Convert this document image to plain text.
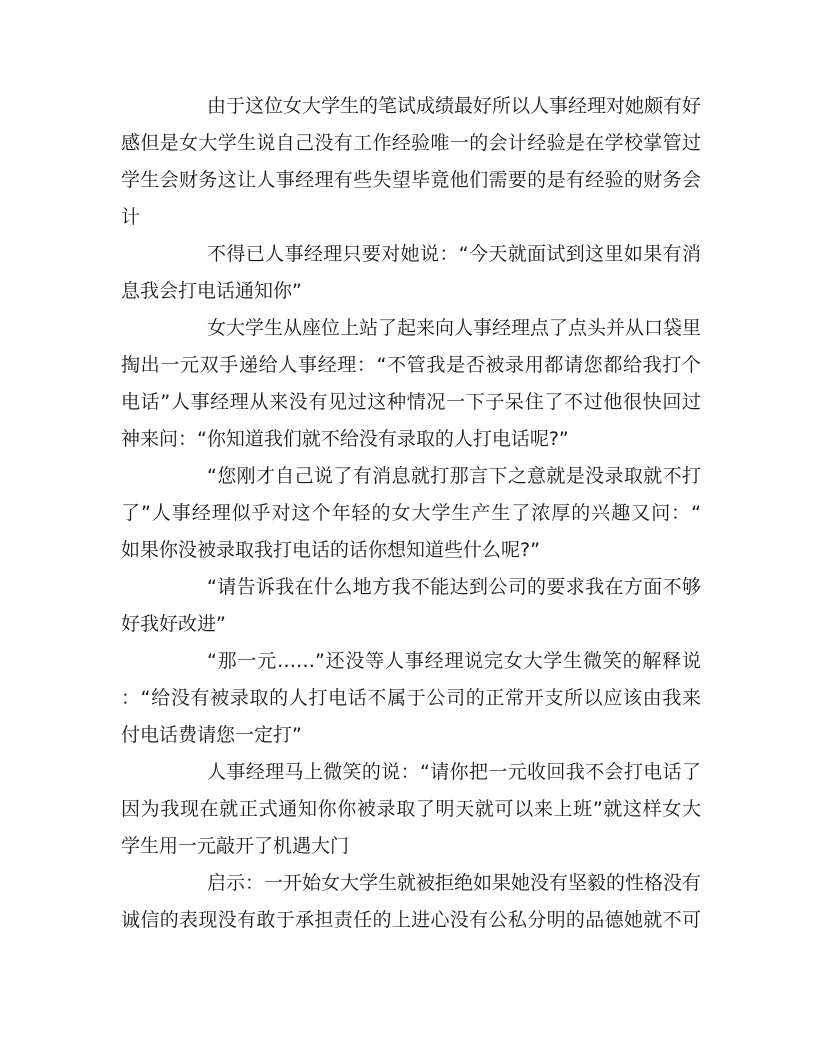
由于这位女大学生的笔试成绩最好所以人事经理对她颇有好

感但是女大学生说自己没有工作经验唯一的会计经验是在学校掌管过

学生会财务这让人事经理有些失望毕竟他们需要的是有经验的财务会

计

不得已人事经理只要对她说：“今天就面试到这里如果有消

息我会打电话通知你”

女大学生从座位上站了起来向人事经理点了点头并从口袋里

掏出一元双手递给人事经理：“不管我是否被录用都请您都给我打个

电话”人事经理从来没有见过这种情况一下子呆住了不过他很快回过

神来问：“你知道我们就不给没有录取的人打电话呢?”

“您刚才自己说了有消息就打那言下之意就是没录取就不打

了”人事经理似乎对这个年轻的女大学生产生了浓厚的兴趣又问：“

如果你没被录取我打电话的话你想知道些什么呢?”

“请告诉我在什么地方我不能达到公司的要求我在方面不够

好我好改进”

“那一元……”还没等人事经理说完女大学生微笑的解释说

：“给没有被录取的人打电话不属于公司的正常开支所以应该由我来

付电话费请您一定打”

人事经理马上微笑的说：“请你把一元收回我不会打电话了

因为我现在就正式通知你你被录取了明天就可以来上班”就这样女大

学生用一元敲开了机遇大门

启示：一开始女大学生就被拒绝如果她没有坚毅的性格没有

诚信的表现没有敢于承担责任的上进心没有公私分明的品德她就不可
